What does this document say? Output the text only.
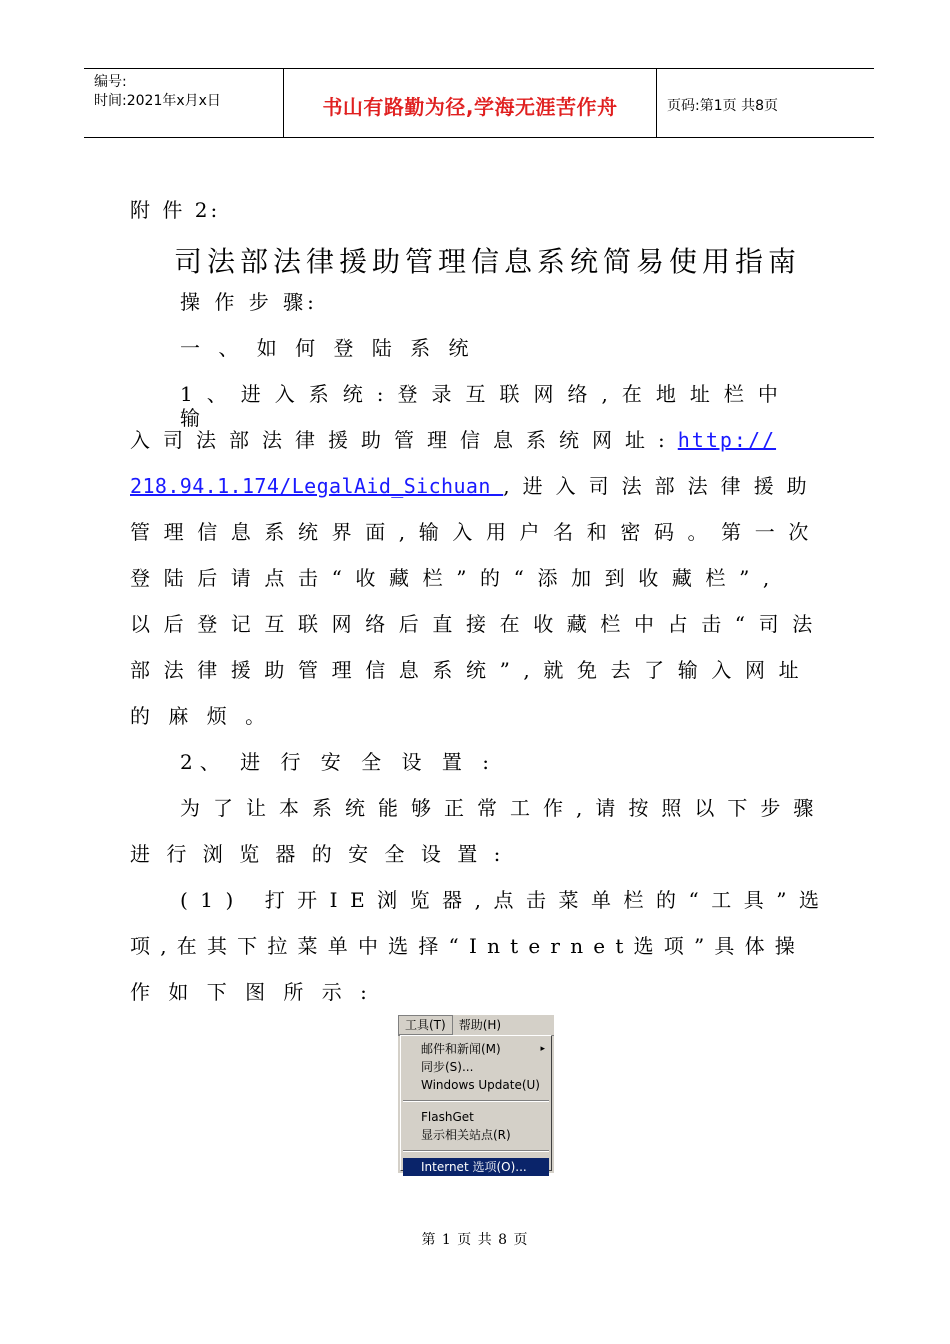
编号:
时间:2021年x月x日	书山有路勤为径,学海无涯苦作舟	页码:第1页 共8页
附 件 2:
司法部法律援助管理信息系统简易使用指南
操 作 步 骤:
一 、 如 何 登 陆 系 统
1、进入系统:登录互联网络,在地址栏中输
入司法部法律援助管理信息系统网址:http://
218.94.1.174/LegalAid_Sichuan ,进入司法部法律援助
管理信息系统界面,输入用户名和密码。第一次
登陆后请点击“收藏栏”的“添加到收藏栏”,
以后登记互联网络后直接在收藏栏中占击“司法
部法律援助管理信息系统”,就免去了输入网址
的 麻 烦 。
2、 进 行 安 全 设 置 :
为了让本系统能够正常工作,请按照以下步骤
进 行 浏 览 器 的 安 全 设 置 :
(1) 打开IE浏览器,点击菜单栏的“工具”选
项,在其下拉菜单中选择“Internet选项”具体操
作 如 下 图 所 示 :
工具(T)	帮助(H)
邮件和新闻(M)	▸
同步(S)...
Windows Update(U)
FlashGet
显示相关站点(R)
Internet 选项(O)...
第 1 页 共 8 页
